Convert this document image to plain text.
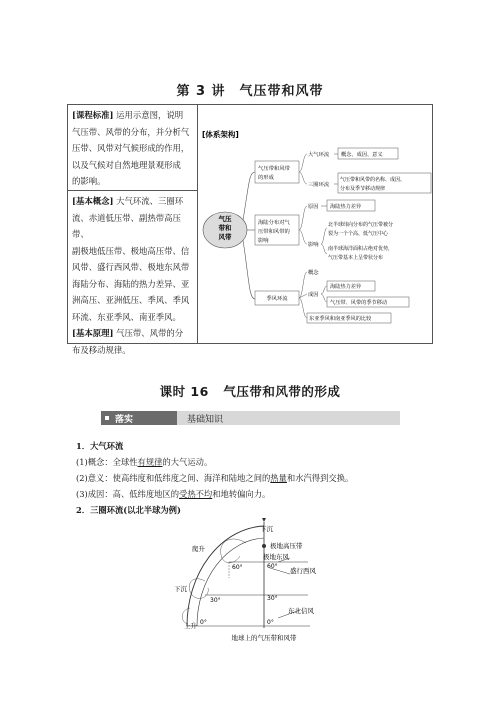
第 3 讲 气压带和风带
[课程标准] 运用示意图，说明
气压带、风带的分布，并分析气
压带、风带对气候形成的作用，
以及气候对自然地理景观形成
的影响。
[基本概念] 大气环流、三圈环
流、赤道低压带、副热带高压带、
副极地低压带、极地高压带、信
风带、盛行西风带、极地东风带
海陆分布、海陆的热力差异、亚
洲高压、亚洲低压、季风、季风
环流、东亚季风、南亚季风。
[基本原理] 气压带、风带的分
布及移动规律。
[体系架构]
气压
带和
风带
气压带和风带
的形成
大气环流
三圈环流
概念、成因、意义
气压带和风带的名称、成因、
分布及季节移动规律
海陆分布对气
压带和风带的
影响
原因
影响
海陆热力差异
北半球纬向分布的气压带被分
裂为一个个高、低气压中心
南半球海洋面积占绝对优势，
气压带基本上呈带状分布
季风环流
概念
成因
海陆热力差异
气压带、风带的季节移动
东亚季风和南亚季风的比较
课时 16 气压带和风带的形成
落实	基础知识
1．大气环流
(1)概念：全球性有规律的大气运动。
(2)意义：使高纬度和低纬度之间、海洋和陆地之间的热量和水汽得到交换。
(3)成因：高、低纬度地区的受热不均和地转偏向力。
2．三圈环流(以北半球为例)
下沉
爬升
下沉
上升
极地高压带
极地东风
盛行西风
东北信风
60°	60°
30°	30°
0°	0°
地球上的气压带和风带
